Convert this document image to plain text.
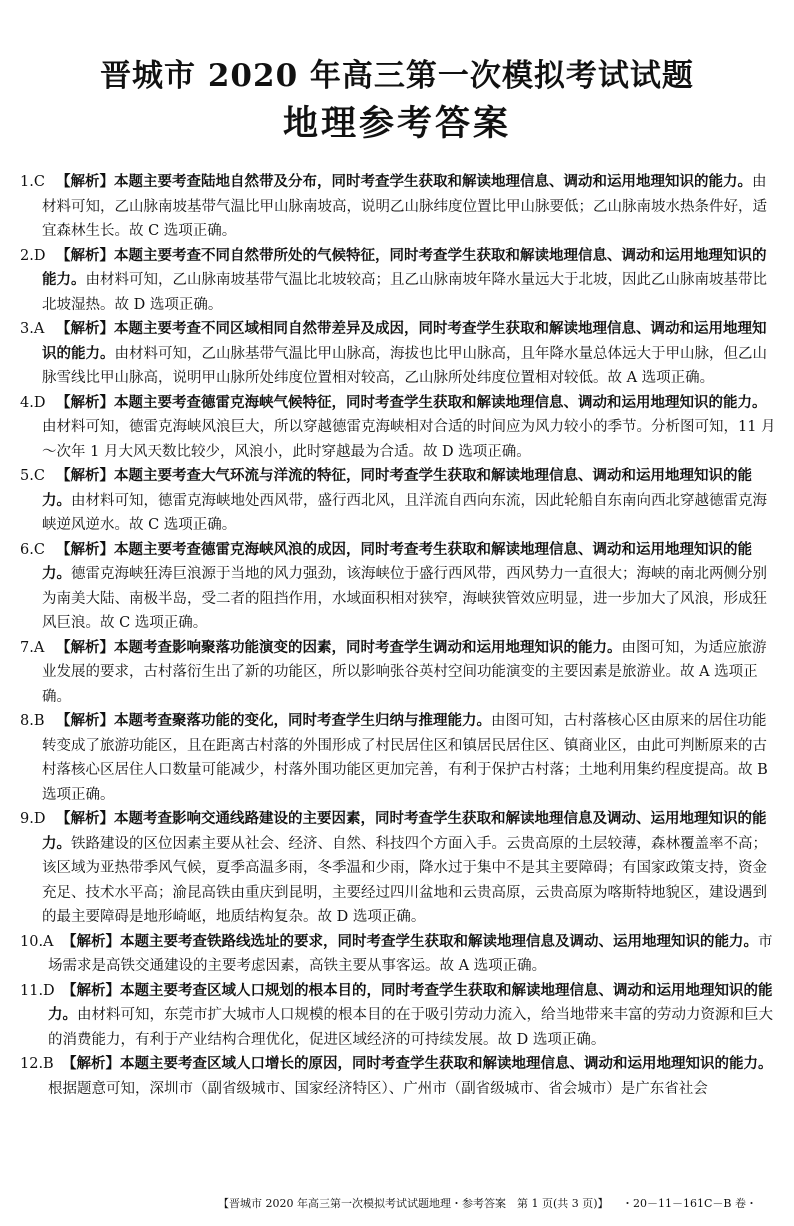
晋城市 2020 年高三第一次模拟考试试题
地理参考答案
1.C 【解析】本题主要考查陆地自然带及分布，同时考查学生获取和解读地理信息、调动和运用地理知识的能力。由材料可知，乙山脉南坡基带气温比甲山脉南坡高，说明乙山脉纬度位置比甲山脉要低；乙山脉南坡水热条件好，适宜森林生长。故 C 选项正确。
2.D 【解析】本题主要考查不同自然带所处的气候特征，同时考查学生获取和解读地理信息、调动和运用地理知识的能力。由材料可知，乙山脉南坡基带气温比北坡较高；且乙山脉南坡年降水量远大于北坡，因此乙山脉南坡基带比北坡湿热。故 D 选项正确。
3.A 【解析】本题主要考查不同区域相同自然带差异及成因，同时考查学生获取和解读地理信息、调动和运用地理知识的能力。由材料可知，乙山脉基带气温比甲山脉高，海拔也比甲山脉高，且年降水量总体远大于甲山脉，但乙山脉雪线比甲山脉高，说明甲山脉所处纬度位置相对较高，乙山脉所处纬度位置相对较低。故 A 选项正确。
4.D 【解析】本题主要考查德雷克海峡气候特征，同时考查学生获取和解读地理信息、调动和运用地理知识的能力。由材料可知，德雷克海峡风浪巨大，所以穿越德雷克海峡相对合适的时间应为风力较小的季节。分析图可知，11 月～次年 1 月大风天数比较少，风浪小，此时穿越最为合适。故 D 选项正确。
5.C 【解析】本题主要考查大气环流与洋流的特征，同时考查学生获取和解读地理信息、调动和运用地理知识的能力。由材料可知，德雷克海峡地处西风带，盛行西北风，且洋流自西向东流，因此轮船自东南向西北穿越德雷克海峡逆风逆水。故 C 选项正确。
6.C 【解析】本题主要考查德雷克海峡风浪的成因，同时考查考生获取和解读地理信息、调动和运用地理知识的能力。德雷克海峡狂涛巨浪源于当地的风力强劲，该海峡位于盛行西风带，西风势力一直很大；海峡的南北两侧分别为南美大陆、南极半岛，受二者的阻挡作用，水域面积相对狭窄，海峡狭管效应明显，进一步加大了风浪，形成狂风巨浪。故 C 选项正确。
7.A 【解析】本题考查影响聚落功能演变的因素，同时考查学生调动和运用地理知识的能力。由图可知，为适应旅游业发展的要求，古村落衍生出了新的功能区，所以影响张谷英村空间功能演变的主要因素是旅游业。故 A 选项正确。
8.B 【解析】本题考查聚落功能的变化，同时考查学生归纳与推理能力。由图可知，古村落核心区由原来的居住功能转变成了旅游功能区，且在距离古村落的外围形成了村民居住区和镇居民居住区、镇商业区，由此可判断原来的古村落核心区居住人口数量可能减少，村落外围功能区更加完善，有利于保护古村落；土地利用集约程度提高。故 B 选项正确。
9.D 【解析】本题考查影响交通线路建设的主要因素，同时考查学生获取和解读地理信息及调动、运用地理知识的能力。铁路建设的区位因素主要从社会、经济、自然、科技四个方面入手。云贵高原的土层较薄，森林覆盖率不高；该区域为亚热带季风气候，夏季高温多雨，冬季温和少雨，降水过于集中不是其主要障碍；有国家政策支持，资金充足、技术水平高；渝昆高铁由重庆到昆明，主要经过四川盆地和云贵高原，云贵高原为喀斯特地貌区，建设遇到的最主要障碍是地形崎岖，地质结构复杂。故 D 选项正确。
10.A 【解析】本题主要考查铁路线选址的要求，同时考查学生获取和解读地理信息及调动、运用地理知识的能力。市场需求是高铁交通建设的主要考虑因素，高铁主要从事客运。故 A 选项正确。
11.D 【解析】本题主要考查区域人口规划的根本目的，同时考查学生获取和解读地理信息、调动和运用地理知识的能力。由材料可知，东莞市扩大城市人口规模的根本目的在于吸引劳动力流入，给当地带来丰富的劳动力资源和巨大的消费能力，有利于产业结构合理优化，促进区域经济的可持续发展。故 D 选项正确。
12.B 【解析】本题主要考查区域人口增长的原因，同时考查学生获取和解读地理信息、调动和运用地理知识的能力。根据题意可知，深圳市（副省级城市、国家经济特区）、广州市（副省级城市、省会城市）是广东省社会
【晋城市 2020 年高三第一次模拟考试试题地理・参考答案　第 1 页(共 3 页)】 ・20－11－161C－B 卷・
